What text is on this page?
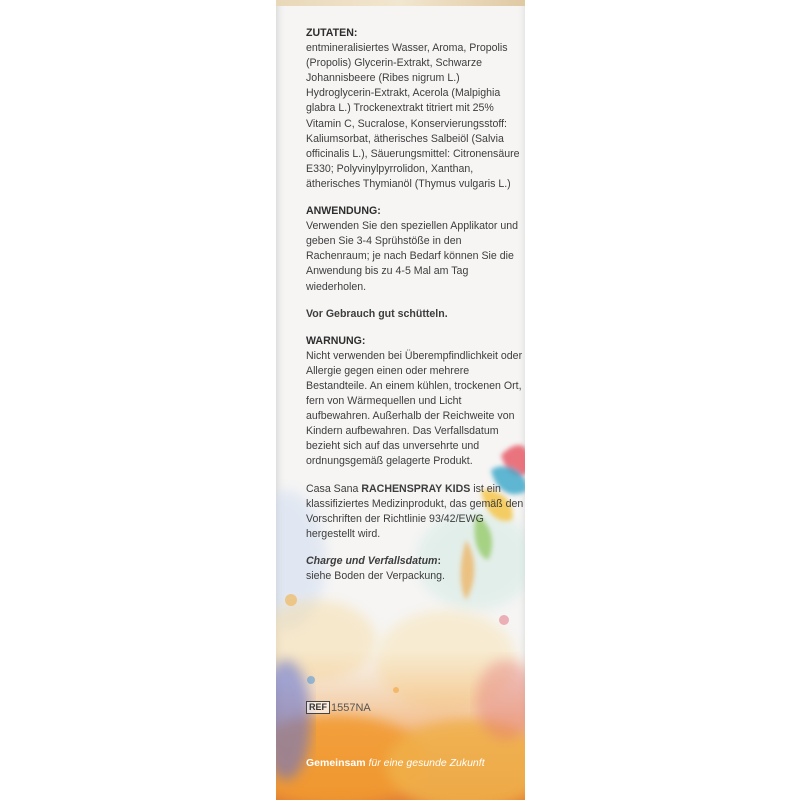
ZUTATEN:
entmineralisiertes Wasser, Aroma, Propolis (Propolis) Glycerin-Extrakt, Schwarze Johannisbeere (Ribes nigrum L.) Hydroglycerin-Extrakt, Acerola (Malpighia glabra L.) Trockenextrakt titriert mit 25% Vitamin C, Sucralose, Konservierungsstoff: Kaliumsorbat, ätherisches Salbeiöl (Salvia officinalis L.), Säuerungsmittel: Citronensäure E330; Polyvinylpyrrolidon, Xanthan, ätherisches Thymianöl (Thymus vulgaris L.)

ANWENDUNG:
Verwenden Sie den speziellen Applikator und geben Sie 3-4 Sprühstöße in den Rachenraum; je nach Bedarf können Sie die Anwendung bis zu 4-5 Mal am Tag wiederholen.

Vor Gebrauch gut schütteln.

WARNUNG:
Nicht verwenden bei Überempfindlichkeit oder Allergie gegen einen oder mehrere Bestandteile. An einem kühlen, trockenen Ort, fern von Wärmequellen und Licht aufbewahren. Außerhalb der Reichweite von Kindern aufbewahren. Das Verfallsdatum bezieht sich auf das unversehrte und ordnungsgemäß gelagerte Produkt.

Casa Sana RACHENSPRAY KIDS ist ein klassifiziertes Medizinprodukt, das gemäß den Vorschriften der Richtlinie 93/42/EWG hergestellt wird.

Charge und Verfallsdatum:
siehe Boden der Verpackung.

REF 1557NA
Gemeinsam für eine gesunde Zukunft
